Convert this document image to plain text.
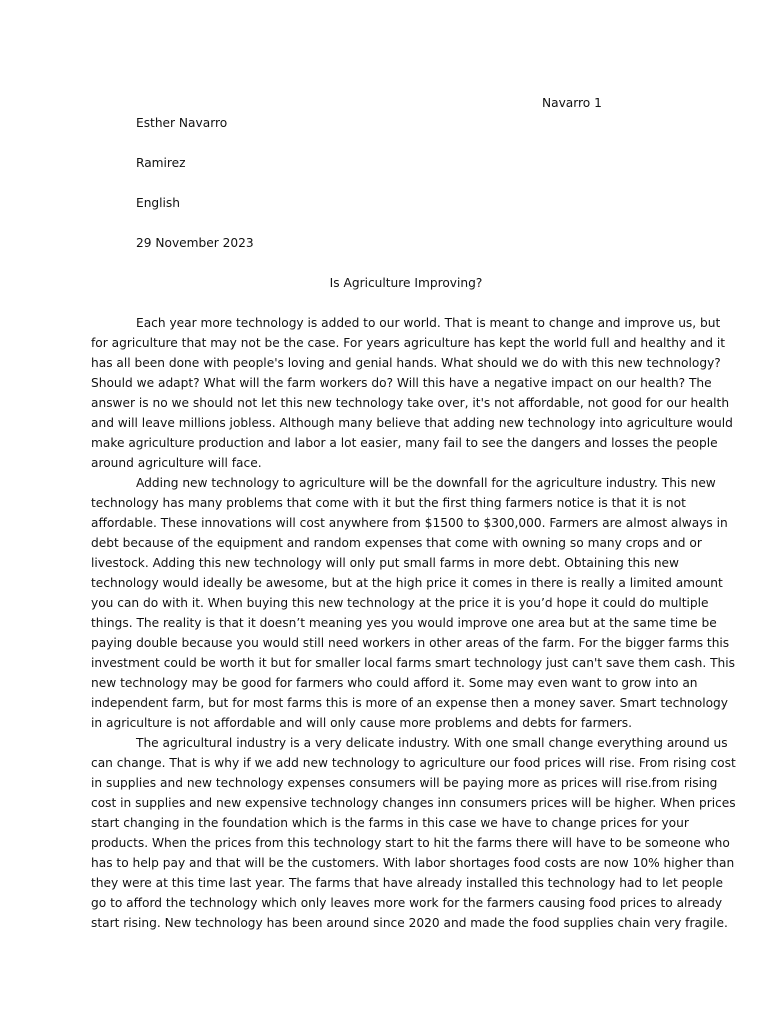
Navarro 1
Esther Navarro
Ramirez
English
29 November 2023
Is Agriculture Improving?
Each year more technology is added to our world. That is meant to change and improve us, but
for agriculture that may not be the case. For years agriculture has kept the world full and healthy and it
has all been done with people's loving and genial hands. What should we do with this new technology?
Should we adapt? What will the farm workers do? Will this have a negative impact on our health? The
answer is no we should not let this new technology take over, it's not affordable, not good for our health
and will leave millions jobless. Although many believe that adding new technology into agriculture would
make agriculture production and labor a lot easier, many fail to see the dangers and losses the people
around agriculture will face.
Adding new technology to agriculture will be the downfall for the agriculture industry. This new
technology has many problems that come with it but the first thing farmers notice is that it is not
affordable. These innovations will cost anywhere from $1500 to $300,000. Farmers are almost always in
debt because of the equipment and random expenses that come with owning so many crops and or
livestock. Adding this new technology will only put small farms in more debt. Obtaining this new
technology would ideally be awesome, but at the high price it comes in there is really a limited amount
you can do with it. When buying this new technology at the price it is you’d hope it could do multiple
things. The reality is that it doesn’t meaning yes you would improve one area but at the same time be
paying double because you would still need workers in other areas of the farm. For the bigger farms this
investment could be worth it but for smaller local farms smart technology just can't save them cash. This
new technology may be good for farmers who could afford it. Some may even want to grow into an
independent farm, but for most farms this is more of an expense then a money saver. Smart technology
in agriculture is not affordable and will only cause more problems and debts for farmers.
The agricultural industry is a very delicate industry. With one small change everything around us
can change. That is why if we add new technology to agriculture our food prices will rise. From rising cost
in supplies and new technology expenses consumers will be paying more as prices will rise.from rising
cost in supplies and new expensive technology changes inn consumers prices will be higher. When prices
start changing in the foundation which is the farms in this case we have to change prices for your
products. When the prices from this technology start to hit the farms there will have to be someone who
has to help pay and that will be the customers. With labor shortages food costs are now 10% higher than
they were at this time last year. The farms that have already installed this technology had to let people
go to afford the technology which only leaves more work for the farmers causing food prices to already
start rising. New technology has been around since 2020 and made the food supplies chain very fragile.
